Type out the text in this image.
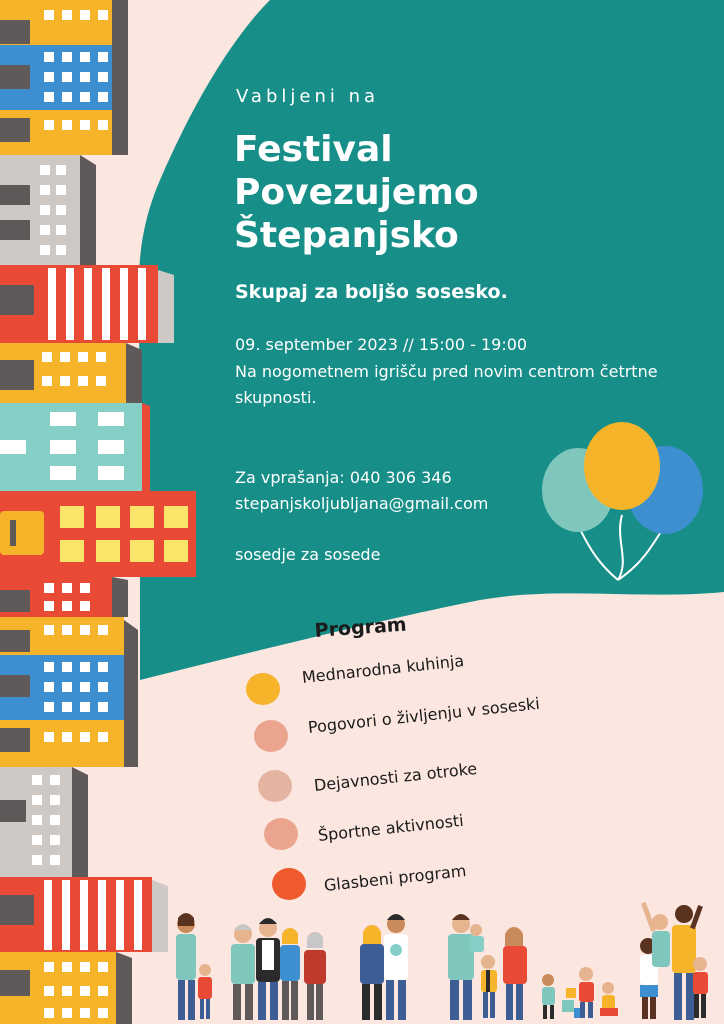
Vabljeni na
Festival
Povezujemo
Štepanjsko
Skupaj za boljšo sosesko.
09. september 2023 // 15:00 - 19:00
Na nogometnem igrišču pred novim centrom četrtne skupnosti.
Za vprašanja: 040 306 346
stepanjskoljubljana@gmail.com
sosedje za sosede
Program
Mednarodna kuhinja
Pogovori o življenju v soseski
Dejavnosti za otroke
Športne aktivnosti
Glasbeni program
